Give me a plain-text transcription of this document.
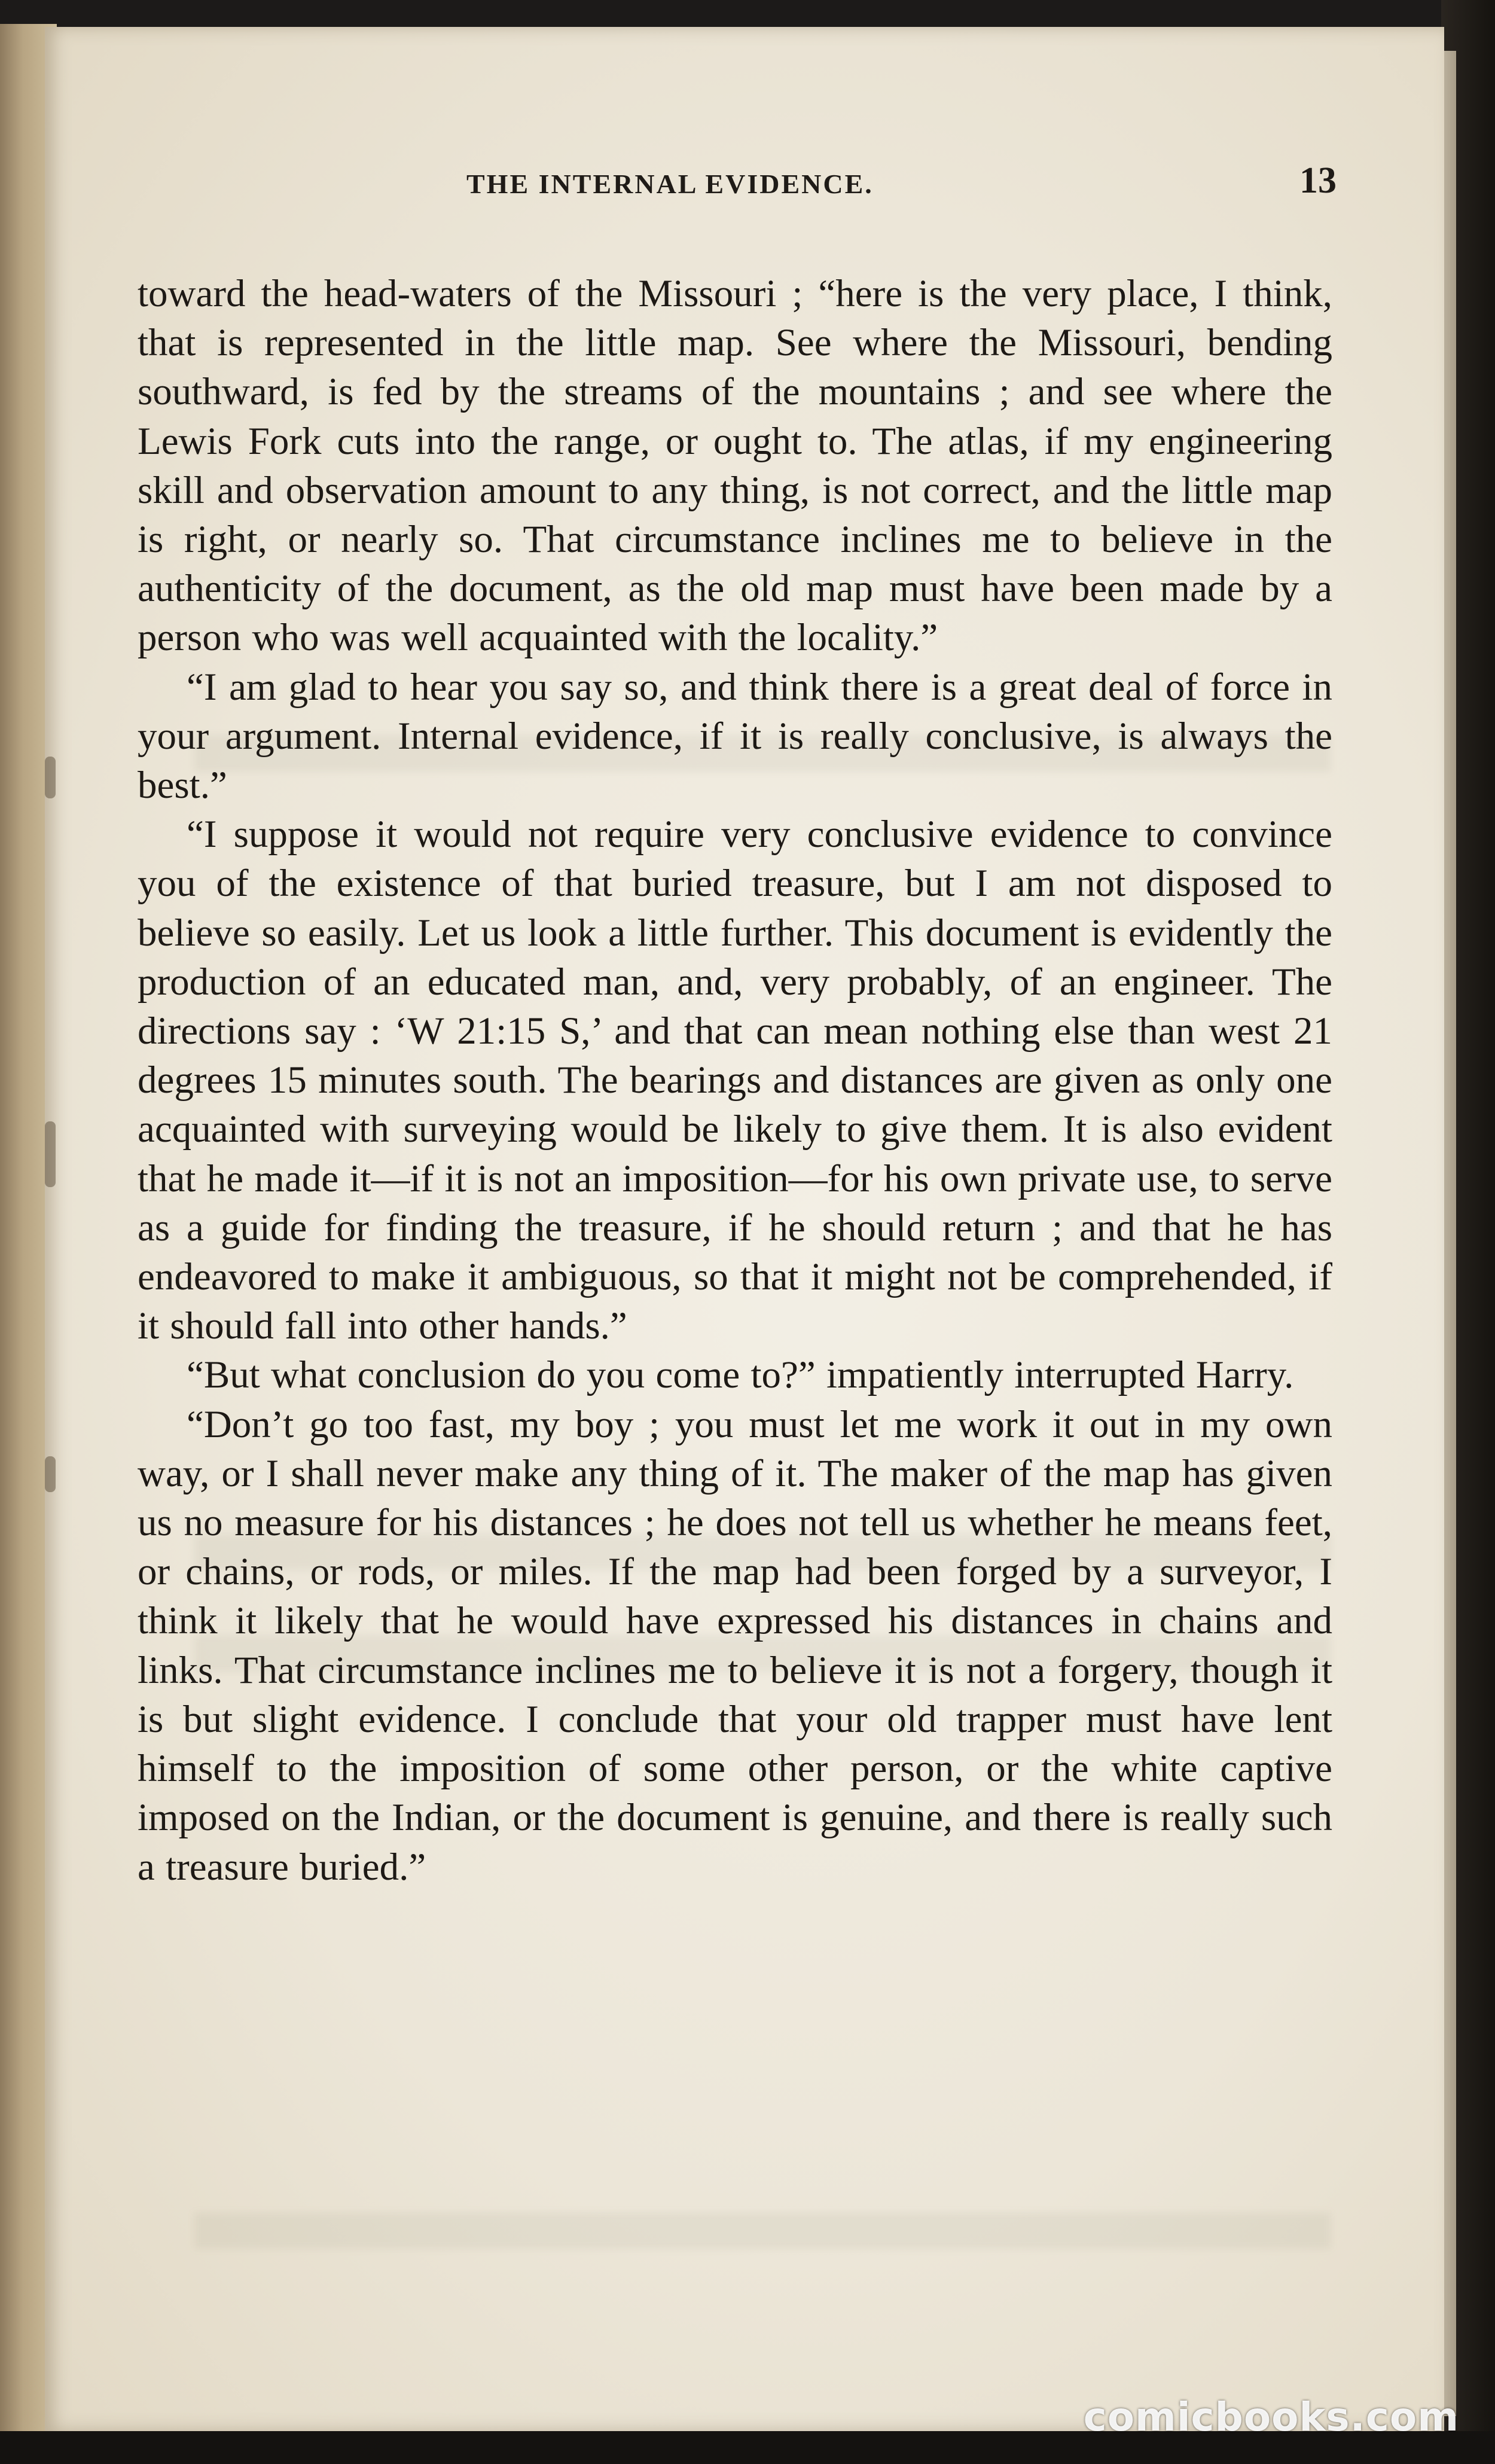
THE INTERNAL EVIDENCE.	13

toward the head-waters of the Missouri ; “here is the very place, I think, that is represented in the little map. See where the Missouri, bending southward, is fed by the streams of the mountains ; and see where the Lewis Fork cuts into the range, or ought to. The atlas, if my engineering skill and observation amount to any thing, is not correct, and the little map is right, or nearly so. That circumstance inclines me to believe in the authenticity of the document, as the old map must have been made by a person who was well acquainted with the locality.”

“I am glad to hear you say so, and think there is a great deal of force in your argument. Internal evidence, if it is really conclusive, is always the best.”

“I suppose it would not require very conclusive evidence to convince you of the existence of that buried treasure, but I am not disposed to believe so easily. Let us look a little further. This document is evidently the production of an educated man, and, very probably, of an engineer. The directions say : ‘W 21:15 S,’ and that can mean nothing else than west 21 degrees 15 minutes south. The bearings and distances are given as only one acquainted with surveying would be likely to give them. It is also evident that he made it—if it is not an imposition—for his own private use, to serve as a guide for finding the treasure, if he should return ; and that he has endeavored to make it ambiguous, so that it might not be comprehended, if it should fall into other hands.”

“But what conclusion do you come to?” impatiently interrupted Harry.

“Don’t go too fast, my boy ; you must let me work it out in my own way, or I shall never make any thing of it. The maker of the map has given us no measure for his distances ; he does not tell us whether he means feet, or chains, or rods, or miles. If the map had been forged by a surveyor, I think it likely that he would have expressed his distances in chains and links. That circumstance inclines me to believe it is not a forgery, though it is but slight evidence. I conclude that your old trapper must have lent himself to the imposition of some other person, or the white captive imposed on the Indian, or the document is genuine, and there is really such a treasure buried.”

comicbooks.com
